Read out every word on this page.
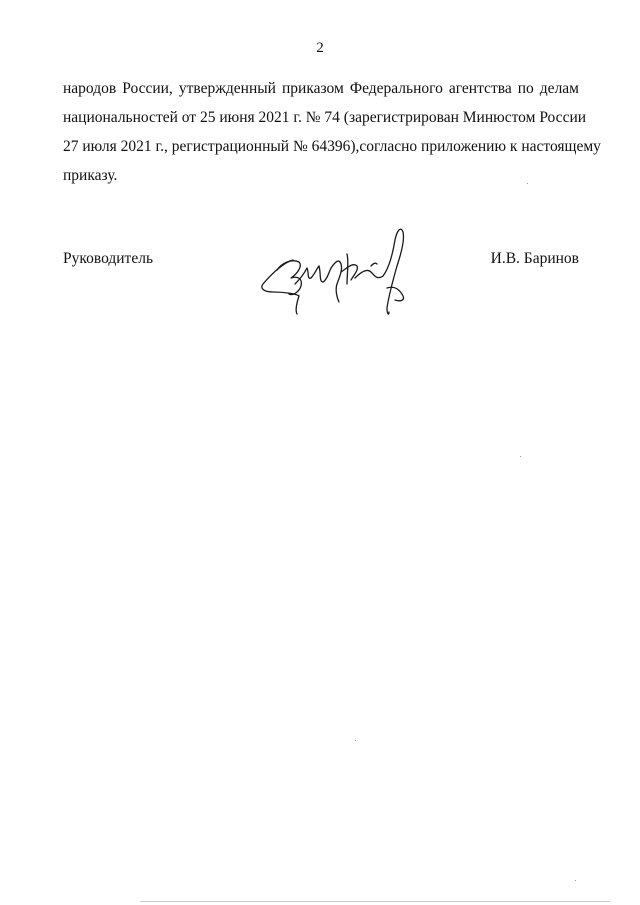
2
народов России, утвержденный приказом Федерального агентства по делам
национальностей от 25 июня 2021 г. № 74 (зарегистрирован Минюстом России
27 июля 2021 г., регистрационный № 64396),согласно приложению к настоящему
приказу.
Руководитель	И.В. Баринов
